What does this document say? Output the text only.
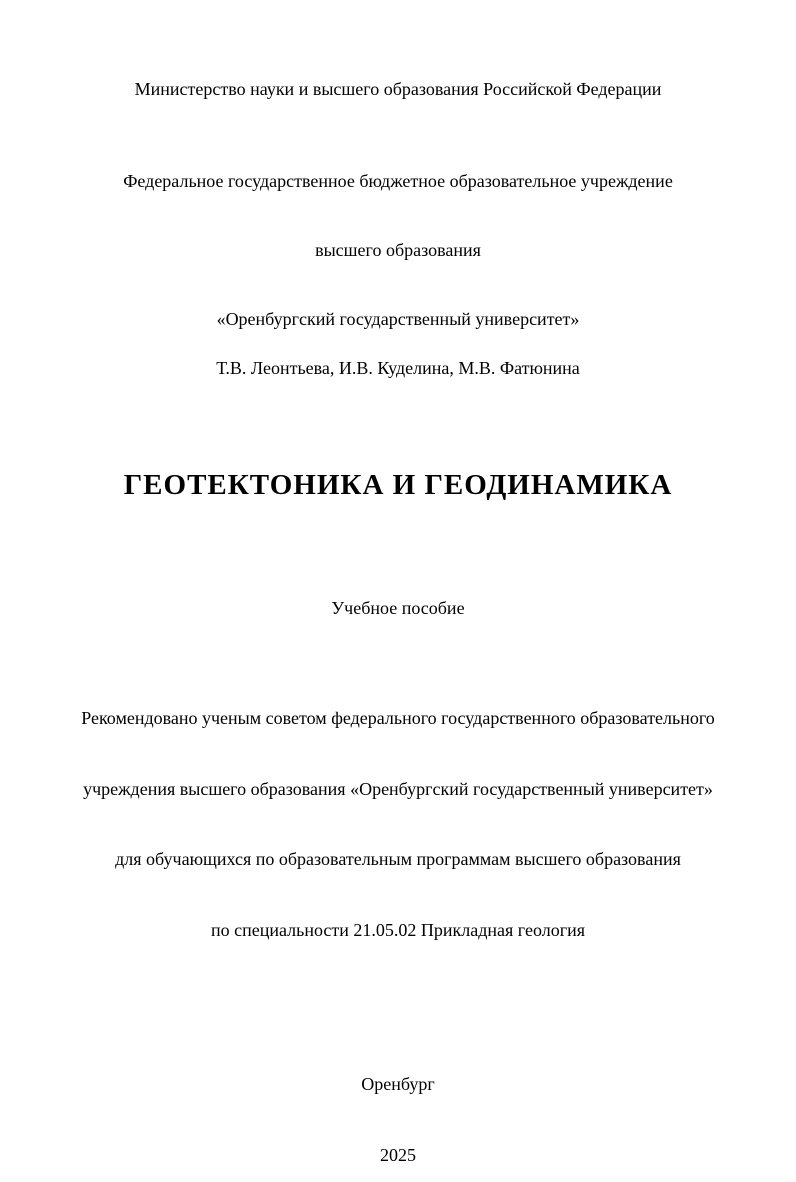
Министерство науки и высшего образования Российской Федерации

Федеральное государственное бюджетное образовательное учреждение

высшего образования

«Оренбургский государственный университет»

Т.В. Леонтьева, И.В. Куделина, М.В. Фатюнина
ГЕОТЕКТОНИКА И ГЕОДИНАМИКА
Учебное пособие

Рекомендовано ученым советом федерального государственного образовательного

учреждения высшего образования «Оренбургский государственный университет»

для обучающихся по образовательным программам высшего образования

по специальности 21.05.02 Прикладная геология

Оренбург

2025
